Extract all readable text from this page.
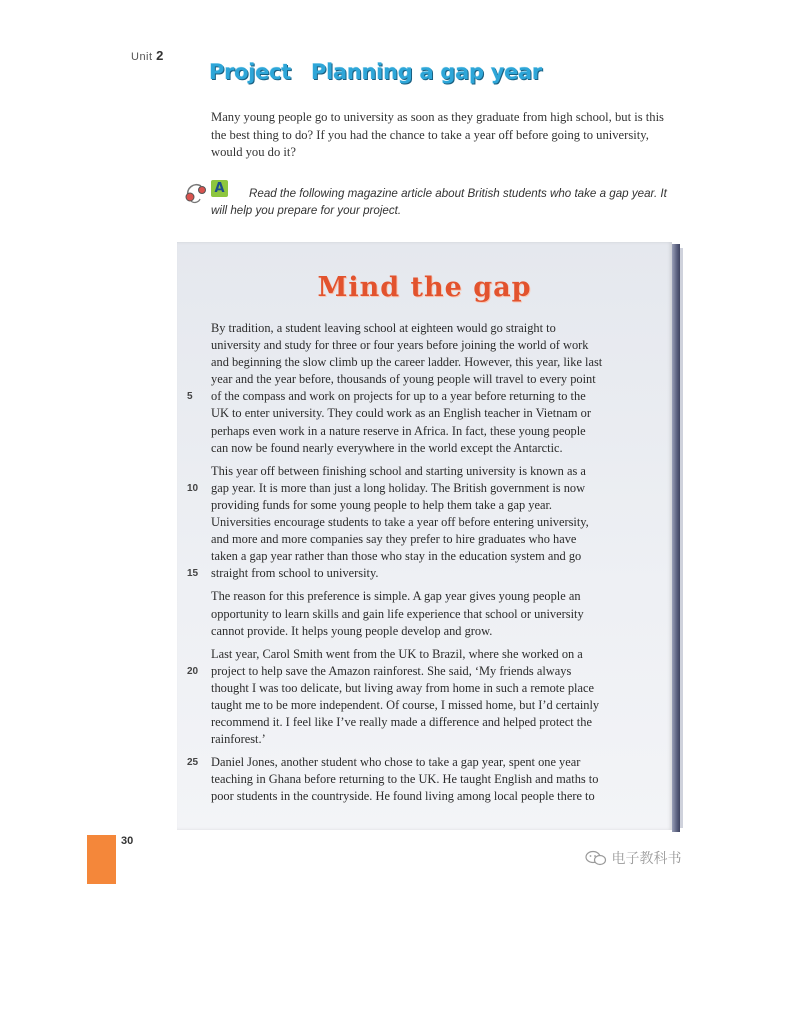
Unit 2
Project Planning a gap year
Many young people go to university as soon as they graduate from high school, but is this the best thing to do? If you had the chance to take a year off before going to university, would you do it?
A	Read the following magazine article about British students who take a gap year. It will help you prepare for your project.
Mind the gap

By tradition, a student leaving school at eighteen would go straight to
university and study for three or four years before joining the world of work
and beginning the slow climb up the career ladder. However, this year, like last
year and the year before, thousands of young people will travel to every point
5 of the compass and work on projects for up to a year before returning to the
UK to enter university. They could work as an English teacher in Vietnam or
perhaps even work in a nature reserve in Africa. In fact, these young people
can now be found nearly everywhere in the world except the Antarctic.

This year off between finishing school and starting university is known as a
10 gap year. It is more than just a long holiday. The British government is now
providing funds for some young people to help them take a gap year.
Universities encourage students to take a year off before entering university,
and more and more companies say they prefer to hire graduates who have
taken a gap year rather than those who stay in the education system and go
15 straight from school to university.

The reason for this preference is simple. A gap year gives young people an
opportunity to learn skills and gain life experience that school or university
cannot provide. It helps young people develop and grow.

Last year, Carol Smith went from the UK to Brazil, where she worked on a
20 project to help save the Amazon rainforest. She said, ‘My friends always
thought I was too delicate, but living away from home in such a remote place
taught me to be more independent. Of course, I missed home, but I’d certainly
recommend it. I feel like I’ve really made a difference and helped protect the
rainforest.’

25 Daniel Jones, another student who chose to take a gap year, spent one year
teaching in Ghana before returning to the UK. He taught English and maths to
poor students in the countryside. He found living among local people there to

30
电子教科书
